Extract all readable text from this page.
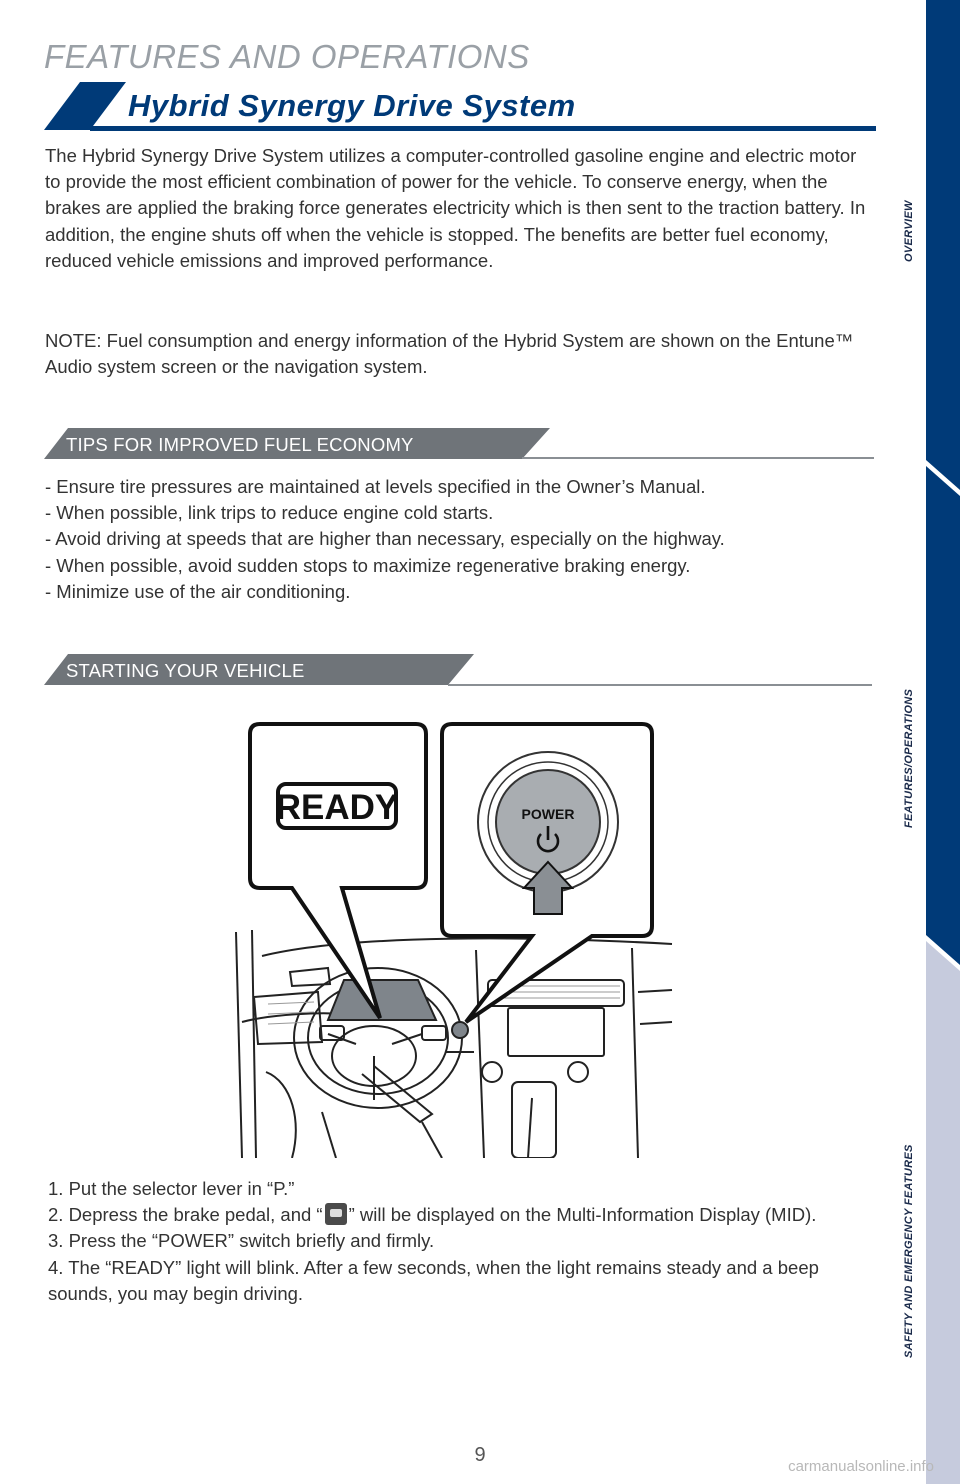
FEATURES AND OPERATIONS
Hybrid Synergy Drive System

The Hybrid Synergy Drive System utilizes a computer-controlled gasoline engine and electric motor to provide the most efficient combination of power for the vehicle. To conserve energy, when the brakes are applied the braking force generates electricity which is then sent to the traction battery. In addition, the engine shuts off when the vehicle is stopped. The benefits are better fuel economy, reduced vehicle emissions and improved performance.

NOTE: Fuel consumption and energy information of the Hybrid System are shown on the Entune™ Audio system screen or the navigation system.

TIPS FOR IMPROVED FUEL ECONOMY
- Ensure tire pressures are maintained at levels specified in the Owner’s Manual.
- When possible, link trips to reduce engine cold starts.
- Avoid driving at speeds that are higher than necessary, especially on the highway.
- When possible, avoid sudden stops to maximize regenerative braking energy.
- Minimize use of the air conditioning.
STARTING YOUR VEHICLE
READY	POWER
1. Put the selector lever in “P.”
2. Depress the brake pedal, and “ ” will be displayed on the Multi-Information Display (MID).
3. Press the “POWER” switch briefly and firmly.
4. The “READY” light will blink. After a few seconds, when the light remains steady and a beep sounds, you may begin driving.
9
OVERVIEW
FEATURES/OPERATIONS
SAFETY AND EMERGENCY FEATURES
carmanualsonline.info
